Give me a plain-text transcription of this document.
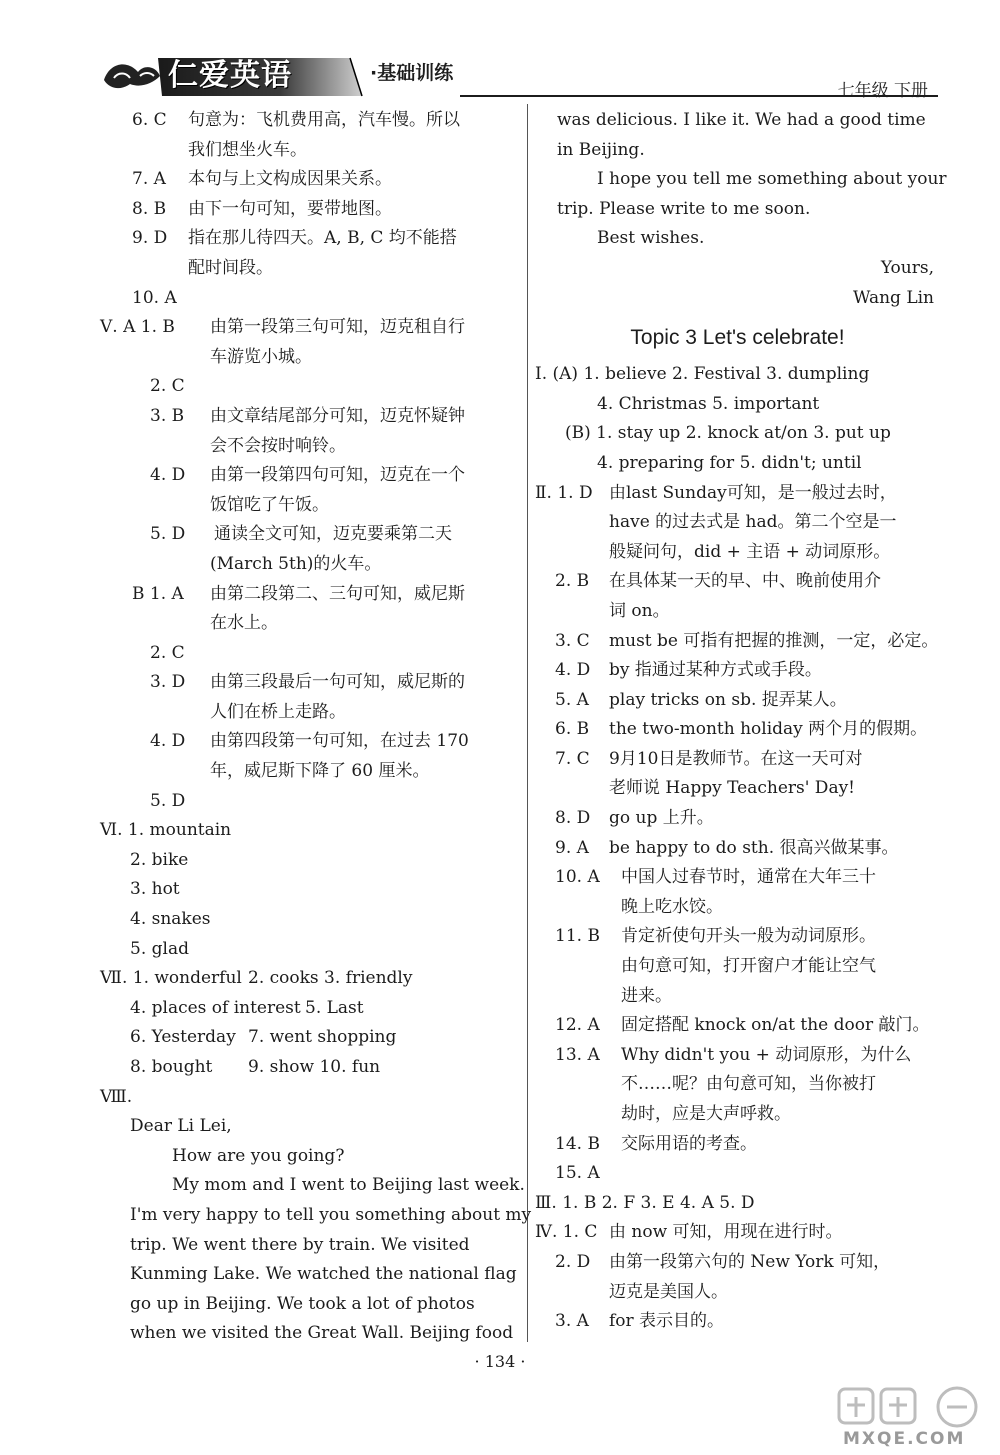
仁爱英语	·基础训练
七年级 下册
6. C 句意为：飞机费用高，汽车慢。所以
我们想坐火车。
7. A 本句与上文构成因果关系。
8. B 由下一句可知，要带地图。
9. D 指在那儿待四天。A, B, C 均不能搭
配时间段。
10. A
Ⅴ. A 1. B 由第一段第三句可知，迈克租自行
车游览小城。
2. C
3. B 由文章结尾部分可知，迈克怀疑钟
会不会按时响铃。
4. D 由第一段第四句可知，迈克在一个
饭馆吃了午饭。
5. D 通读全文可知，迈克要乘第二天
(March 5th)的火车。
B 1. A 由第二段第二、三句可知，威尼斯
在水上。
2. C
3. D 由第三段最后一句可知，威尼斯的
人们在桥上走路。
4. D 由第四段第一句可知，在过去 170
年，威尼斯下降了 60 厘米。
5. D
Ⅵ. 1. mountain
2. bike
3. hot
4. snakes
5. glad
Ⅶ. 1. wonderful 2. cooks 3. friendly
4. places of interest 5. Last
6. Yesterday 7. went shopping
8. bought 9. show 10. fun
Ⅷ.
Dear Li Lei,
How are you going?
My mom and I went to Beijing last week.
I'm very happy to tell you something about my
trip. We went there by train. We visited
Kunming Lake. We watched the national flag
go up in Beijing. We took a lot of photos
when we visited the Great Wall. Beijing food
was delicious. I like it. We had a good time
in Beijing.
I hope you tell me something about your
trip. Please write to me soon.
Best wishes.
Yours,
Wang Lin
Topic 3 Let's celebrate!
Ⅰ. (A) 1. believe 2. Festival 3. dumpling
4. Christmas 5. important
(B) 1. stay up 2. knock at/on 3. put up
4. preparing for 5. didn't; until
Ⅱ. 1. D 由last Sunday可知，是一般过去时，
have 的过去式是 had。第二个空是一
般疑问句，did + 主语 + 动词原形。
2. B 在具体某一天的早、中、晚前使用介
词 on。
3. C must be 可指有把握的推测，一定，必定。
4. D by 指通过某种方式或手段。
5. A play tricks on sb. 捉弄某人。
6. B the two-month holiday 两个月的假期。
7. C 9月10日是教师节。在这一天可对
老师说 Happy Teachers' Day!
8. D go up 上升。
9. A be happy to do sth. 很高兴做某事。
10. A 中国人过春节时，通常在大年三十
晚上吃水饺。
11. B 肯定祈使句开头一般为动词原形。
由句意可知，打开窗户才能让空气
进来。
12. A 固定搭配 knock on/at the door 敲门。
13. A Why didn't you + 动词原形，为什么
不……呢？由句意可知，当你被打
劫时，应是大声呼救。
14. B 交际用语的考查。
15. A
Ⅲ. 1. B 2. F 3. E 4. A 5. D
Ⅳ. 1. C 由 now 可知，用现在进行时。
2. D 由第一段第六句的 New York 可知，
迈克是美国人。
3. A for 表示目的。
· 134 ·
MXQE.COM
